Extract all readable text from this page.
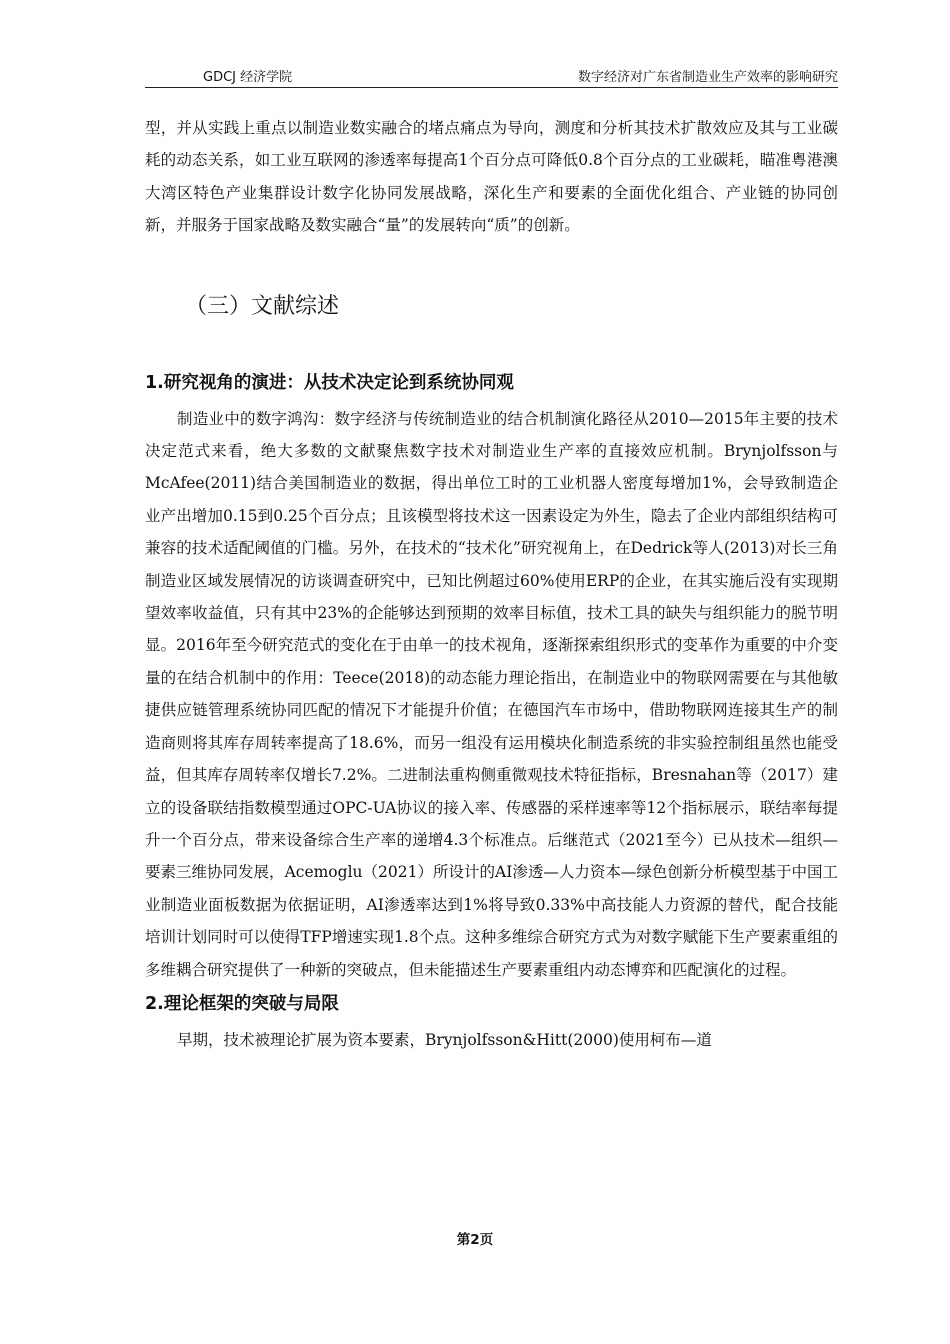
GDCJ 经济学院	数字经济对广东省制造业生产效率的影响研究

型，并从实践上重点以制造业数实融合的堵点痛点为导向，测度和分析其技术扩散效应及其与工业碳耗的动态关系，如工业互联网的渗透率每提高1个百分点可降低0.8个百分点的工业碳耗，瞄准粤港澳大湾区特色产业集群设计数字化协同发展战略，深化生产和要素的全面优化组合、产业链的协同创新，并服务于国家战略及数实融合“量”的发展转向“质”的创新。

（三）文献综述
1.研究视角的演进：从技术决定论到系统协同观

制造业中的数字鸿沟：数字经济与传统制造业的结合机制演化路径从2010—2015年主要的技术决定范式来看，绝大多数的文献聚焦数字技术对制造业生产率的直接效应机制。Brynjolfsson与McAfee(2011)结合美国制造业的数据，得出单位工时的工业机器人密度每增加1%，会导致制造企业产出增加0.15到0.25个百分点；且该模型将技术这一因素设定为外生，隐去了企业内部组织结构可兼容的技术适配阈值的门槛。另外，在技术的“技术化”研究视角上，在Dedrick等人(2013)对长三角制造业区域发展情况的访谈调查研究中，已知比例超过60%使用ERP的企业，在其实施后没有实现期望效率收益值，只有其中23%的企能够达到预期的效率目标值，技术工具的缺失与组织能力的脱节明显。2016年至今研究范式的变化在于由单一的技术视角，逐渐探索组织形式的变革作为重要的中介变量的在结合机制中的作用：Teece(2018)的动态能力理论指出，在制造业中的物联网需要在与其他敏捷供应链管理系统协同匹配的情况下才能提升价值；在德国汽车市场中，借助物联网连接其生产的制造商则将其库存周转率提高了18.6%，而另一组没有运用模块化制造系统的非实验控制组虽然也能受益，但其库存周转率仅增长7.2%。二进制法重构侧重微观技术特征指标，Bresnahan等（2017）建立的设备联结指数模型通过OPC-UA协议的接入率、传感器的采样速率等12个指标展示，联结率每提升一个百分点，带来设备综合生产率的递增4.3个标准点。后继范式（2021至今）已从技术—组织—要素三维协同发展，Acemoglu（2021）所设计的AI渗透—人力资本—绿色创新分析模型基于中国工业制造业面板数据为依据证明，AI渗透率达到1%将导致0.33%中高技能人力资源的替代，配合技能培训计划同时可以使得TFP增速实现1.8个点。这种多维综合研究方式为对数字赋能下生产要素重组的多维耦合研究提供了一种新的突破点，但未能描述生产要素重组内动态博弈和匹配演化的过程。

2.理论框架的突破与局限

早期，技术被理论扩展为资本要素，Brynjolfsson&Hitt(2000)使用柯布—道

第2页
